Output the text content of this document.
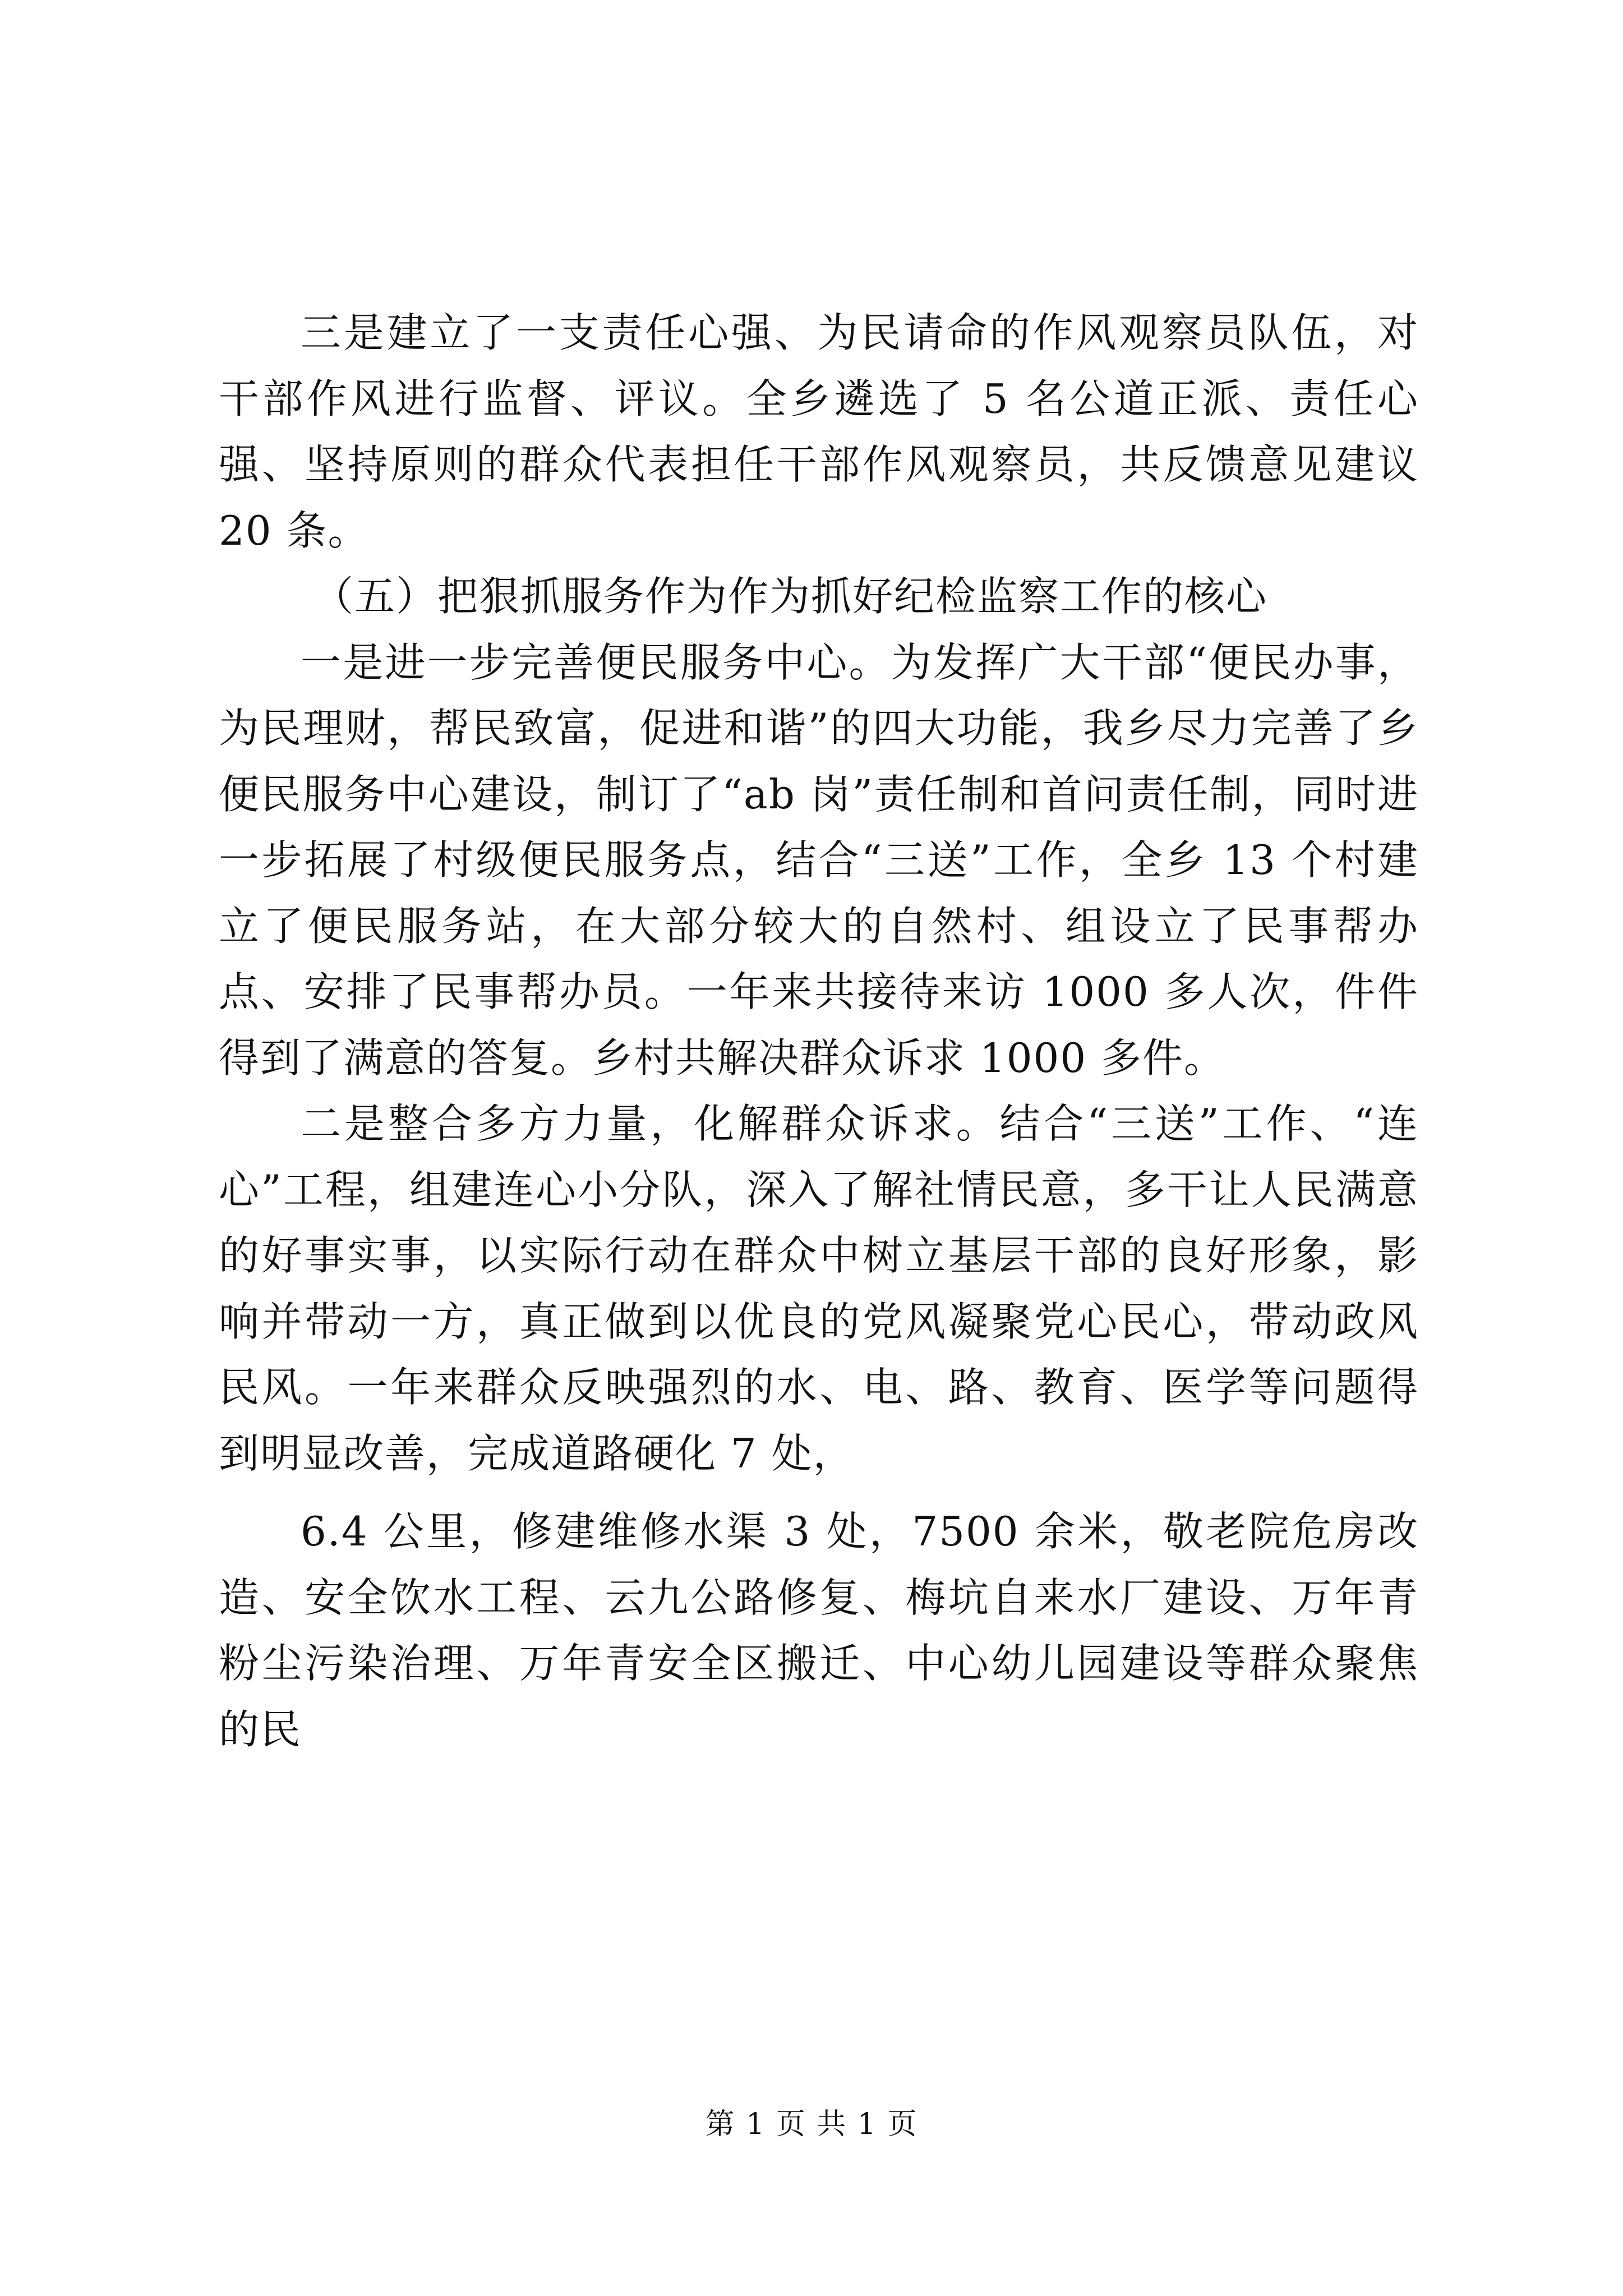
三是建立了一支责任心强、为民请命的作风观察员队伍，对干部作风进行监督、评议。全乡遴选了 5 名公道正派、责任心强、坚持原则的群众代表担任干部作风观察员，共反馈意见建议 20 条。

（五）把狠抓服务作为作为抓好纪检监察工作的核心

一是进一步完善便民服务中心。为发挥广大干部“便民办事，为民理财，帮民致富，促进和谐”的四大功能，我乡尽力完善了乡便民服务中心建设，制订了“ab 岗”责任制和首问责任制，同时进一步拓展了村级便民服务点，结合“三送”工作，全乡 13 个村建立了便民服务站，在大部分较大的自然村、组设立了民事帮办点、安排了民事帮办员。一年来共接待来访 1000 多人次，件件得到了满意的答复。乡村共解决群众诉求 1000 多件。

二是整合多方力量，化解群众诉求。结合“三送”工作、“连心”工程，组建连心小分队，深入了解社情民意，多干让人民满意的好事实事，以实际行动在群众中树立基层干部的良好形象，影响并带动一方，真正做到以优良的党风凝聚党心民心，带动政风民风。一年来群众反映强烈的水、电、路、教育、医学等问题得到明显改善，完成道路硬化 7 处，

6.4 公里，修建维修水渠 3 处，7500 余米，敬老院危房改造、安全饮水工程、云九公路修复、梅坑自来水厂建设、万年青粉尘污染治理、万年青安全区搬迁、中心幼儿园建设等群众聚焦的民

第 1 页 共 1 页
